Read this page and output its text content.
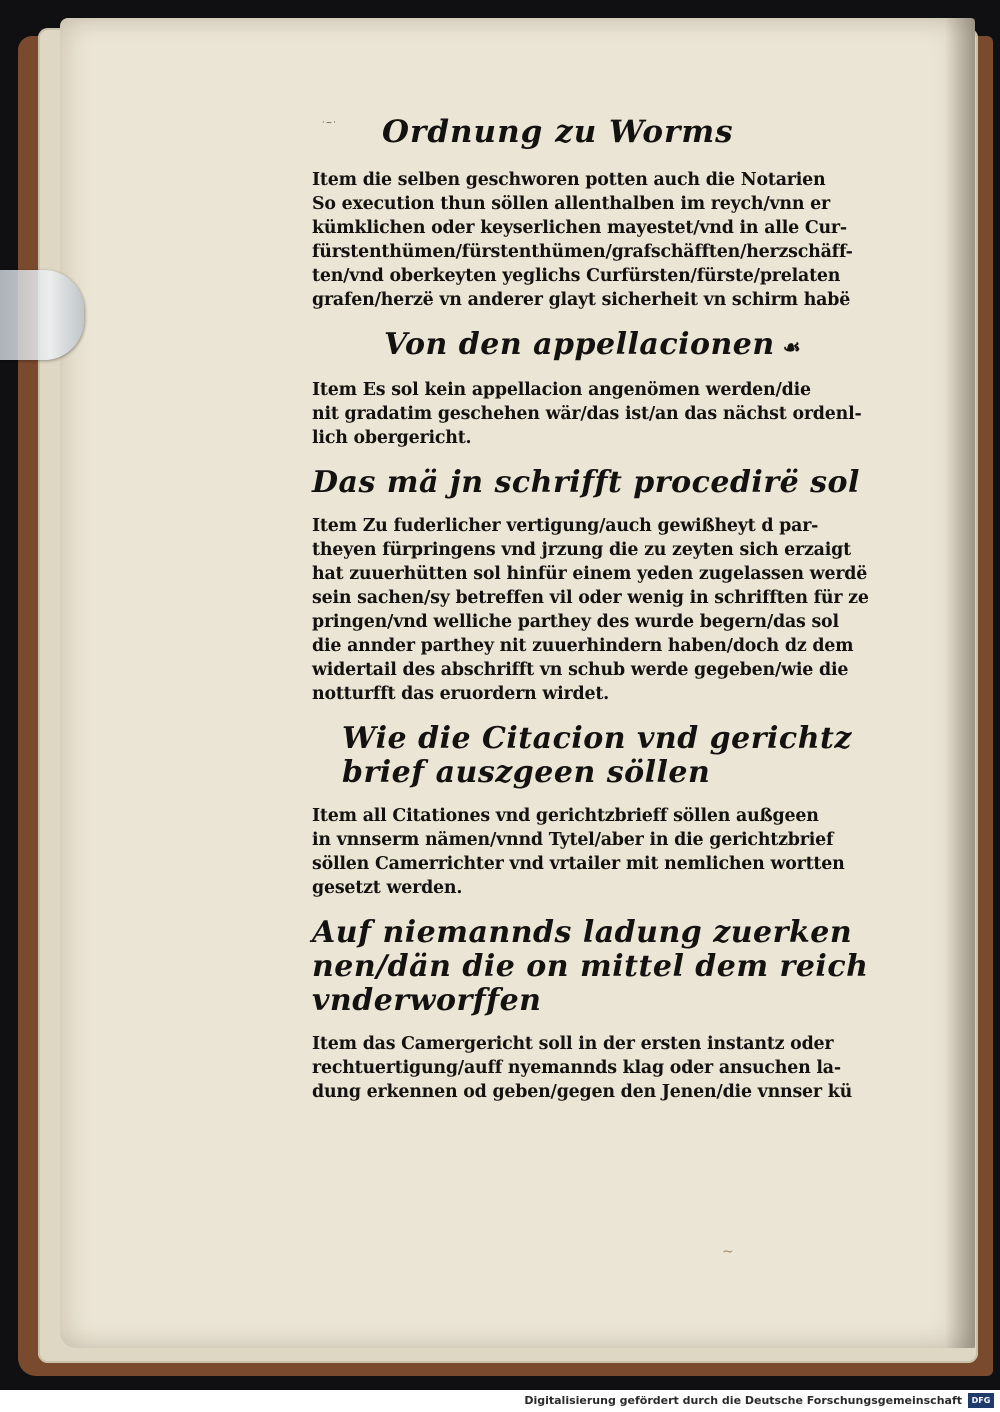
·~· Ordnung zu Worms
Item die selben geschworen potten auch die Notarien
So execution thun söllen allenthalben im reych/vnn er
kümklichen oder keyserlichen mayestet/vnd in alle Cur-
fürstenthümen/fürstenthümen/grafschäfften/herzschäff-
ten/vnd oberkeyten yeglichs Curfürsten/fürste/prelaten
grafen/herzë vn anderer glayt sicherheit vn schirm habë
Von den appellacionen ☙
Item Es sol kein appellacion angenömen werden/die
nit gradatim geschehen wär/das ist/an das nächst ordenl-
lich obergericht.
Das mä jn schrifft procedirë sol
Item Zu fuderlicher vertigung/auch gewißheyt d par-
theyen fürpringens vnd jrzung die zu zeyten sich erzaigt
hat zuuerhütten sol hinfür einem yeden zugelassen werdë
sein sachen/sy betreffen vil oder wenig in schrifften für ze
pringen/vnd welliche parthey des wurde begern/das sol
die annder parthey nit zuuerhindern haben/doch dz dem
widertail des abschrifft vn schub werde gegeben/wie die
notturfft das eruordern wirdet.
Wie die Citacion vnd gerichtz
brief auszgeen söllen
Item all Citationes vnd gerichtzbrieff söllen außgeen
in vnnserm nämen/vnnd Tytel/aber in die gerichtzbrief
söllen Camerrichter vnd vrtailer mit nemlichen wortten
gesetzt werden.
Auf niemannds ladung zuerken
nen/dän die on mittel dem reich
vnderworffen
Item das Camergericht soll in der ersten instantz oder
rechtuertigung/auff nyemannds klag oder ansuchen la-
dung erkennen od geben/gegen den Jenen/die vnnser kü
~
Digitalisierung gefördert durch die Deutsche Forschungsgemeinschaft	DFG
